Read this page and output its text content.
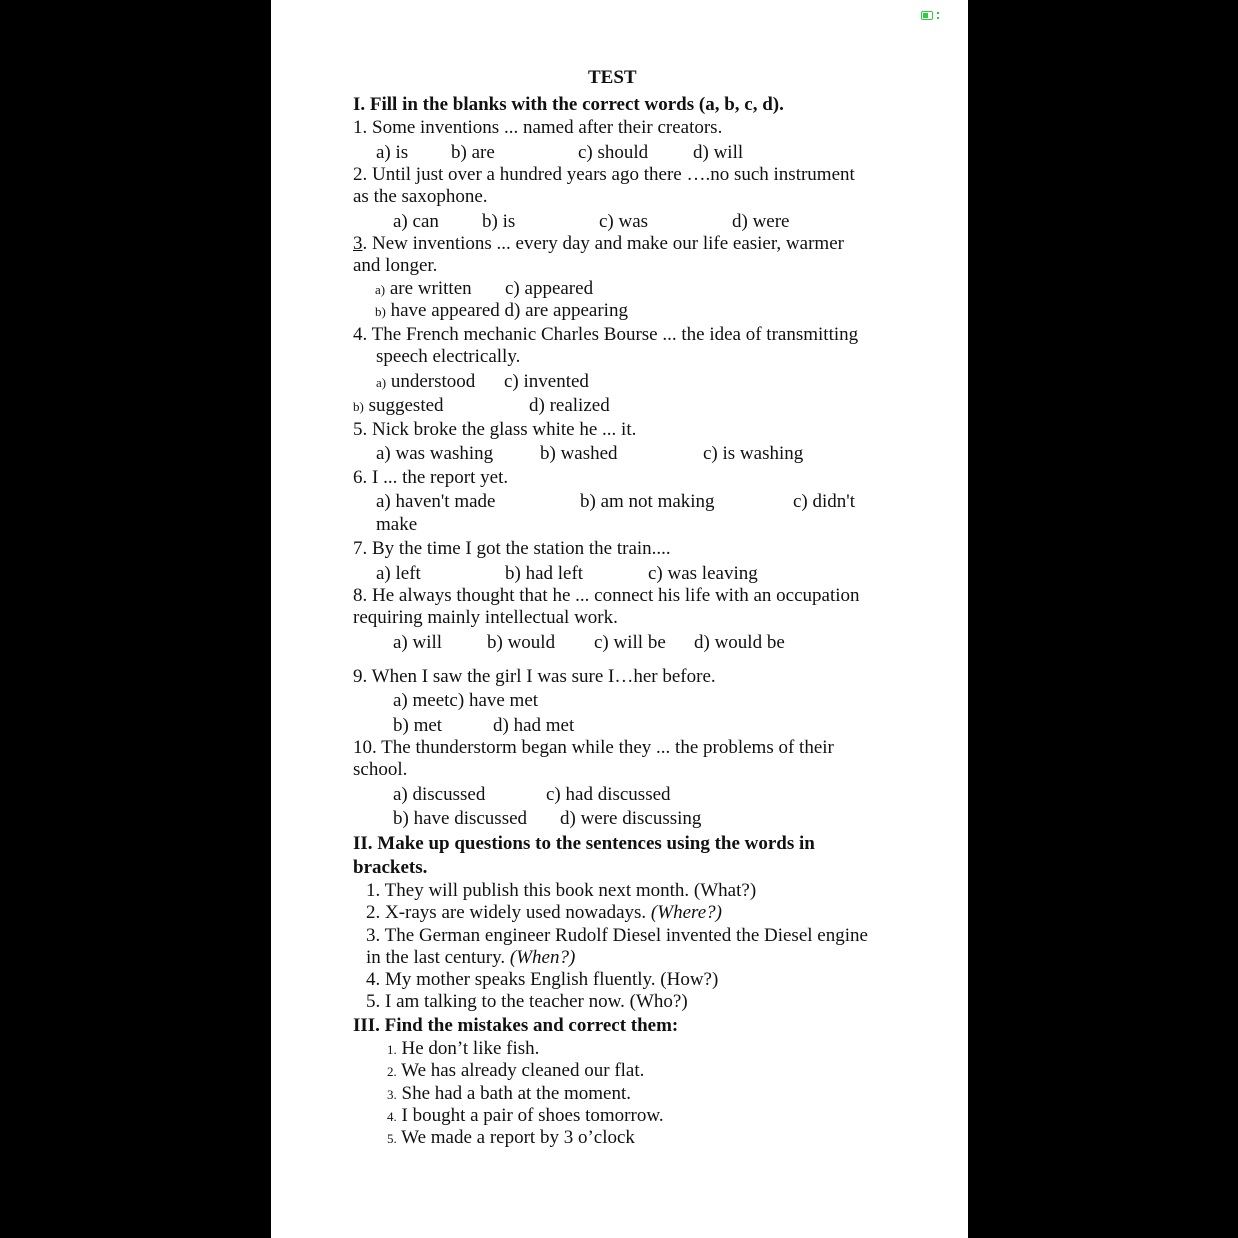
TEST
I. Fill in the blanks with the correct words (a, b, c, d).
1. Some inventions ... named after their creators.
a) is b) are	c) should d) will
2. Until just over a hundred years ago there ….no such instrument
as the saxophone.
a) can b) is	c) was	d) were
3. New inventions ... every day and make our life easier, warmer
and longer.
a) are written c) appeared
b) have appeared d) are appearing
4. The French mechanic Charles Bourse ... the idea of transmitting
speech electrically.
a) understood c) invented
b) suggested	d) realized
5. Nick broke the glass white he ... it.
a) was washing b) washed	c) is washing
6. I ... the report yet.
a) haven't made	b) am not making	c) didn't
make
7. By the time I got the station the train....
a) left	b) had left	c) was leaving
8. He always thought that he ... connect his life with an occupation
requiring mainly intellectual work.
a) will b) would c) will be d) would be
9. When I saw the girl I was sure I…her before.
a) meetc) have met
b) met	d) had met
10. The thunderstorm began while they ... the problems of their
school.
a) discussed	c) had discussed
b) have discussed d) were discussing
II. Make up questions to the sentences using the words in
brackets.
1. They will publish this book next month. (What?)
2. X-rays are widely used nowadays. (Where?)
3. The German engineer Rudolf Diesel invented the Diesel engine
in the last century. (When?)
4. My mother speaks English fluently. (How?)
5. I am talking to the teacher now. (Who?)
III. Find the mistakes and correct them:
1. He don’t like fish.
2. We has already cleaned our flat.
3. She had a bath at the moment.
4. I bought a pair of shoes tomorrow.
5. We made a report by 3 o’clock
